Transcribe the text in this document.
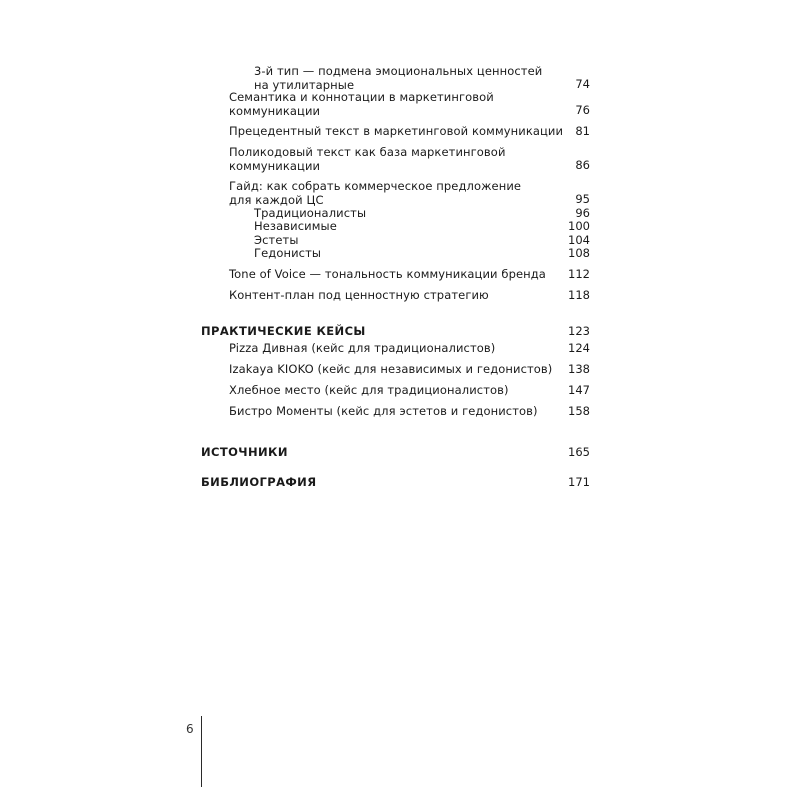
3-й тип — подмена эмоциональных ценностей
на утилитарные	74
Семантика и коннотации в маркетинговой
коммуникации	76
Прецедентный текст в маркетинговой коммуникации	81
Поликодовый текст как база маркетинговой
коммуникации	86
Гайд: как собрать коммерческое предложение
для каждой ЦС	95
Традиционалисты	96
Независимые	100
Эстеты	104
Гедонисты	108
Tone of Voice — тональность коммуникации бренда	112
Контент-план под ценностную стратегию	118
ПРАКТИЧЕСКИЕ КЕЙСЫ	123
Pizza Дивная (кейс для традиционалистов)	124
Izakaya KIOKO (кейс для независимых и гедонистов)	138
Хлебное место (кейс для традиционалистов)	147
Бистро Моменты (кейс для эстетов и гедонистов)	158
ИСТОЧНИКИ	165
БИБЛИОГРАФИЯ	171
6
